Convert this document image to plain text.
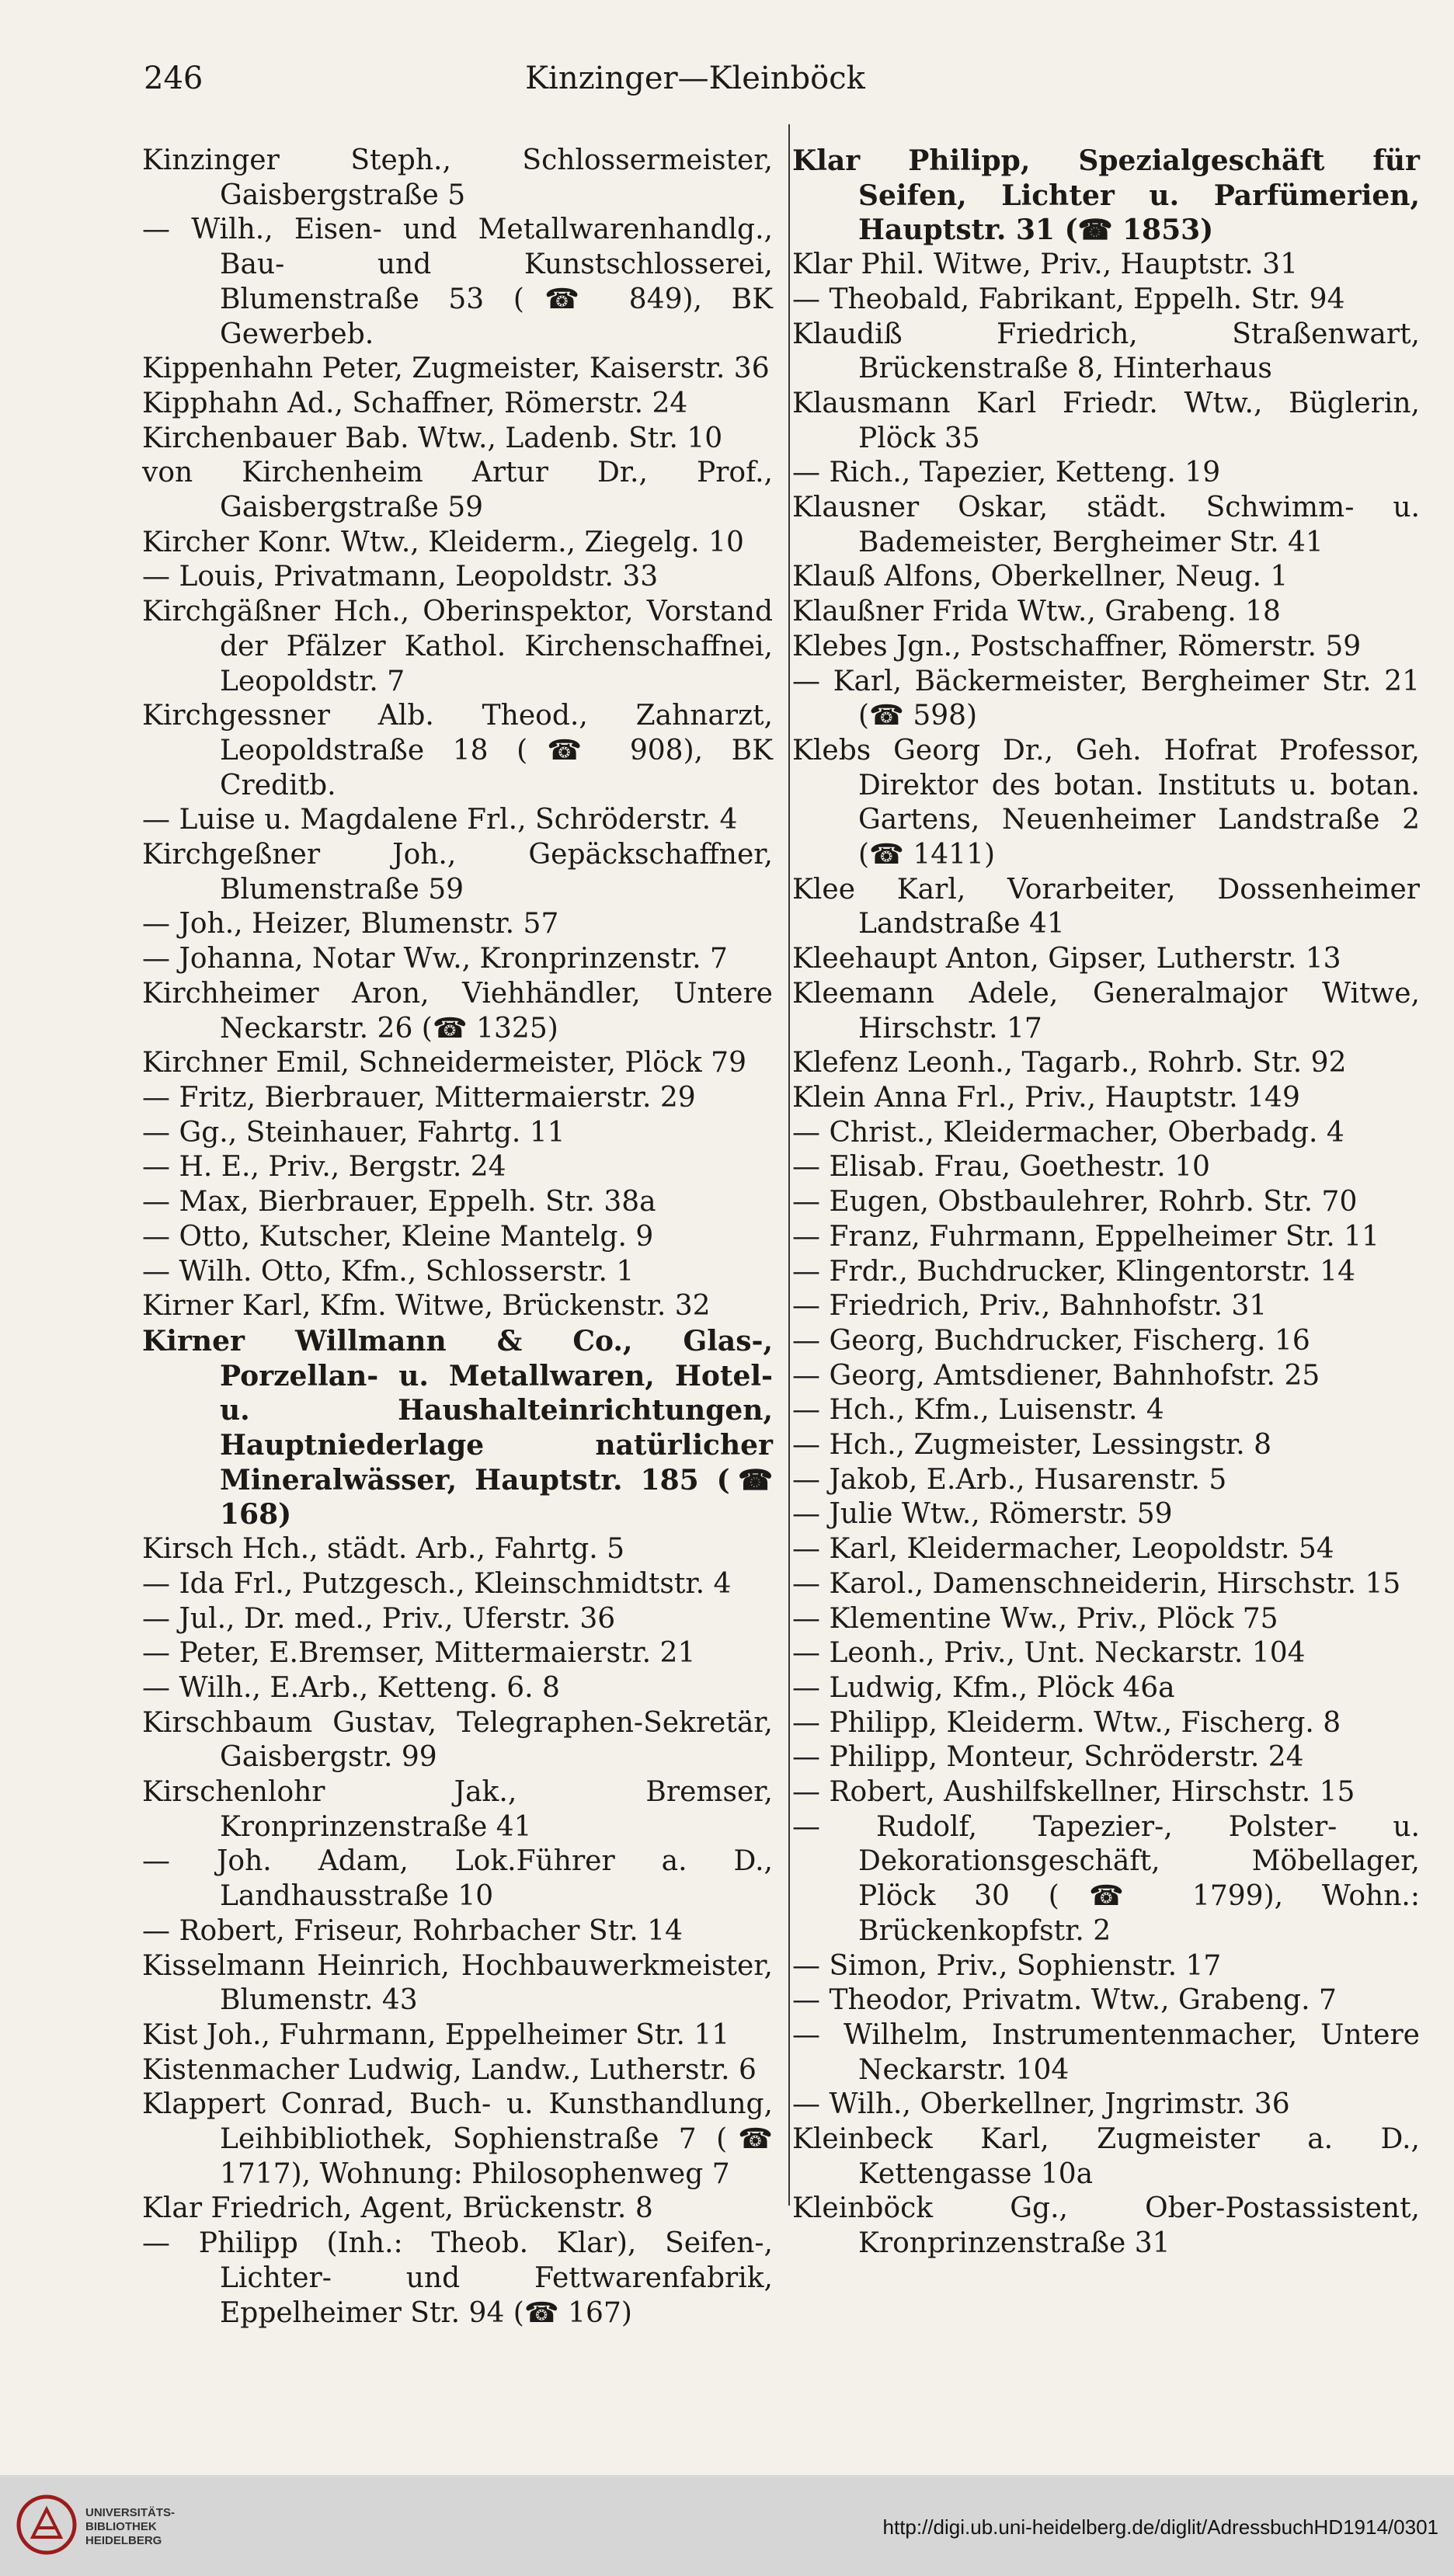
246	Kinzinger—Kleinböck
Kinzinger Steph., Schlossermeister, Gaisbergstraße 5
— Wilh., Eisen- und Metallwarenhandlg., Bau- und Kunstschlosserei, Blumenstraße 53 (☎ 849), BK Gewerbeb.
Kippenhahn Peter, Zugmeister, Kaiserstr. 36
Kipphahn Ad., Schaffner, Römerstr. 24
Kirchenbauer Bab. Wtw., Ladenb. Str. 10
von Kirchenheim Artur Dr., Prof., Gaisbergstraße 59
Kircher Konr. Wtw., Kleiderm., Ziegelg. 10
— Louis, Privatmann, Leopoldstr. 33
Kirchgäßner Hch., Oberinspektor, Vorstand der Pfälzer Kathol. Kirchenschaffnei, Leopoldstr. 7
Kirchgessner Alb. Theod., Zahnarzt, Leopoldstraße 18 (☎ 908), BK Creditb.
— Luise u. Magdalene Frl., Schröderstr. 4
Kirchgeßner Joh., Gepäckschaffner, Blumenstraße 59
— Joh., Heizer, Blumenstr. 57
— Johanna, Notar Ww., Kronprinzenstr. 7
Kirchheimer Aron, Viehhändler, Untere Neckarstr. 26 (☎ 1325)
Kirchner Emil, Schneidermeister, Plöck 79
— Fritz, Bierbrauer, Mittermaierstr. 29
— Gg., Steinhauer, Fahrtg. 11
— H. E., Priv., Bergstr. 24
— Max, Bierbrauer, Eppelh. Str. 38a
— Otto, Kutscher, Kleine Mantelg. 9
— Wilh. Otto, Kfm., Schlosserstr. 1
Kirner Karl, Kfm. Witwe, Brückenstr. 32
Kirner Willmann & Co., Glas-, Porzellan- u. Metallwaren, Hotel- u. Haushalteinrichtungen, Hauptniederlage natürlicher Mineralwässer, Hauptstr. 185 (☎ 168)
Kirsch Hch., städt. Arb., Fahrtg. 5
— Ida Frl., Putzgesch., Kleinschmidtstr. 4
— Jul., Dr. med., Priv., Uferstr. 36
— Peter, E.Bremser, Mittermaierstr. 21
— Wilh., E.Arb., Ketteng. 6. 8
Kirschbaum Gustav, Telegraphen-Sekretär, Gaisbergstr. 99
Kirschenlohr Jak., Bremser, Kronprinzenstraße 41
— Joh. Adam, Lok.Führer a. D., Landhausstraße 10
— Robert, Friseur, Rohrbacher Str. 14
Kisselmann Heinrich, Hochbauwerkmeister, Blumenstr. 43
Kist Joh., Fuhrmann, Eppelheimer Str. 11
Kistenmacher Ludwig, Landw., Lutherstr. 6
Klappert Conrad, Buch- u. Kunsthandlung, Leihbibliothek, Sophienstraße 7 (☎ 1717), Wohnung: Philosophenweg 7
Klar Friedrich, Agent, Brückenstr. 8
— Philipp (Inh.: Theob. Klar), Seifen-, Lichter- und Fettwarenfabrik, Eppelheimer Str. 94 (☎ 167)
Klar Philipp, Spezialgeschäft für Seifen, Lichter u. Parfümerien, Hauptstr. 31 (☎ 1853)
Klar Phil. Witwe, Priv., Hauptstr. 31
— Theobald, Fabrikant, Eppelh. Str. 94
Klaudiß Friedrich, Straßenwart, Brückenstraße 8, Hinterhaus
Klausmann Karl Friedr. Wtw., Büglerin, Plöck 35
— Rich., Tapezier, Ketteng. 19
Klausner Oskar, städt. Schwimm- u. Bademeister, Bergheimer Str. 41
Klauß Alfons, Oberkellner, Neug. 1
Klaußner Frida Wtw., Grabeng. 18
Klebes Jgn., Postschaffner, Römerstr. 59
— Karl, Bäckermeister, Bergheimer Str. 21 (☎ 598)
Klebs Georg Dr., Geh. Hofrat Professor, Direktor des botan. Instituts u. botan. Gartens, Neuenheimer Landstraße 2 (☎ 1411)
Klee Karl, Vorarbeiter, Dossenheimer Landstraße 41
Kleehaupt Anton, Gipser, Lutherstr. 13
Kleemann Adele, Generalmajor Witwe, Hirschstr. 17
Klefenz Leonh., Tagarb., Rohrb. Str. 92
Klein Anna Frl., Priv., Hauptstr. 149
— Christ., Kleidermacher, Oberbadg. 4
— Elisab. Frau, Goethestr. 10
— Eugen, Obstbaulehrer, Rohrb. Str. 70
— Franz, Fuhrmann, Eppelheimer Str. 11
— Frdr., Buchdrucker, Klingentorstr. 14
— Friedrich, Priv., Bahnhofstr. 31
— Georg, Buchdrucker, Fischerg. 16
— Georg, Amtsdiener, Bahnhofstr. 25
— Hch., Kfm., Luisenstr. 4
— Hch., Zugmeister, Lessingstr. 8
— Jakob, E.Arb., Husarenstr. 5
— Julie Wtw., Römerstr. 59
— Karl, Kleidermacher, Leopoldstr. 54
— Karol., Damenschneiderin, Hirschstr. 15
— Klementine Ww., Priv., Plöck 75
— Leonh., Priv., Unt. Neckarstr. 104
— Ludwig, Kfm., Plöck 46a
— Philipp, Kleiderm. Wtw., Fischerg. 8
— Philipp, Monteur, Schröderstr. 24
— Robert, Aushilfskellner, Hirschstr. 15
— Rudolf, Tapezier-, Polster- u. Dekorationsgeschäft, Möbellager, Plöck 30 (☎ 1799), Wohn.: Brückenkopfstr. 2
— Simon, Priv., Sophienstr. 17
— Theodor, Privatm. Wtw., Grabeng. 7
— Wilhelm, Instrumentenmacher, Untere Neckarstr. 104
— Wilh., Oberkellner, Jngrimstr. 36
Kleinbeck Karl, Zugmeister a. D., Kettengasse 10a
Kleinböck Gg., Ober-Postassistent, Kronprinzenstraße 31
UNIVERSITÄTS-
BIBLIOTHEK
HEIDELBERG
http://digi.ub.uni-heidelberg.de/diglit/AdressbuchHD1914/0301
